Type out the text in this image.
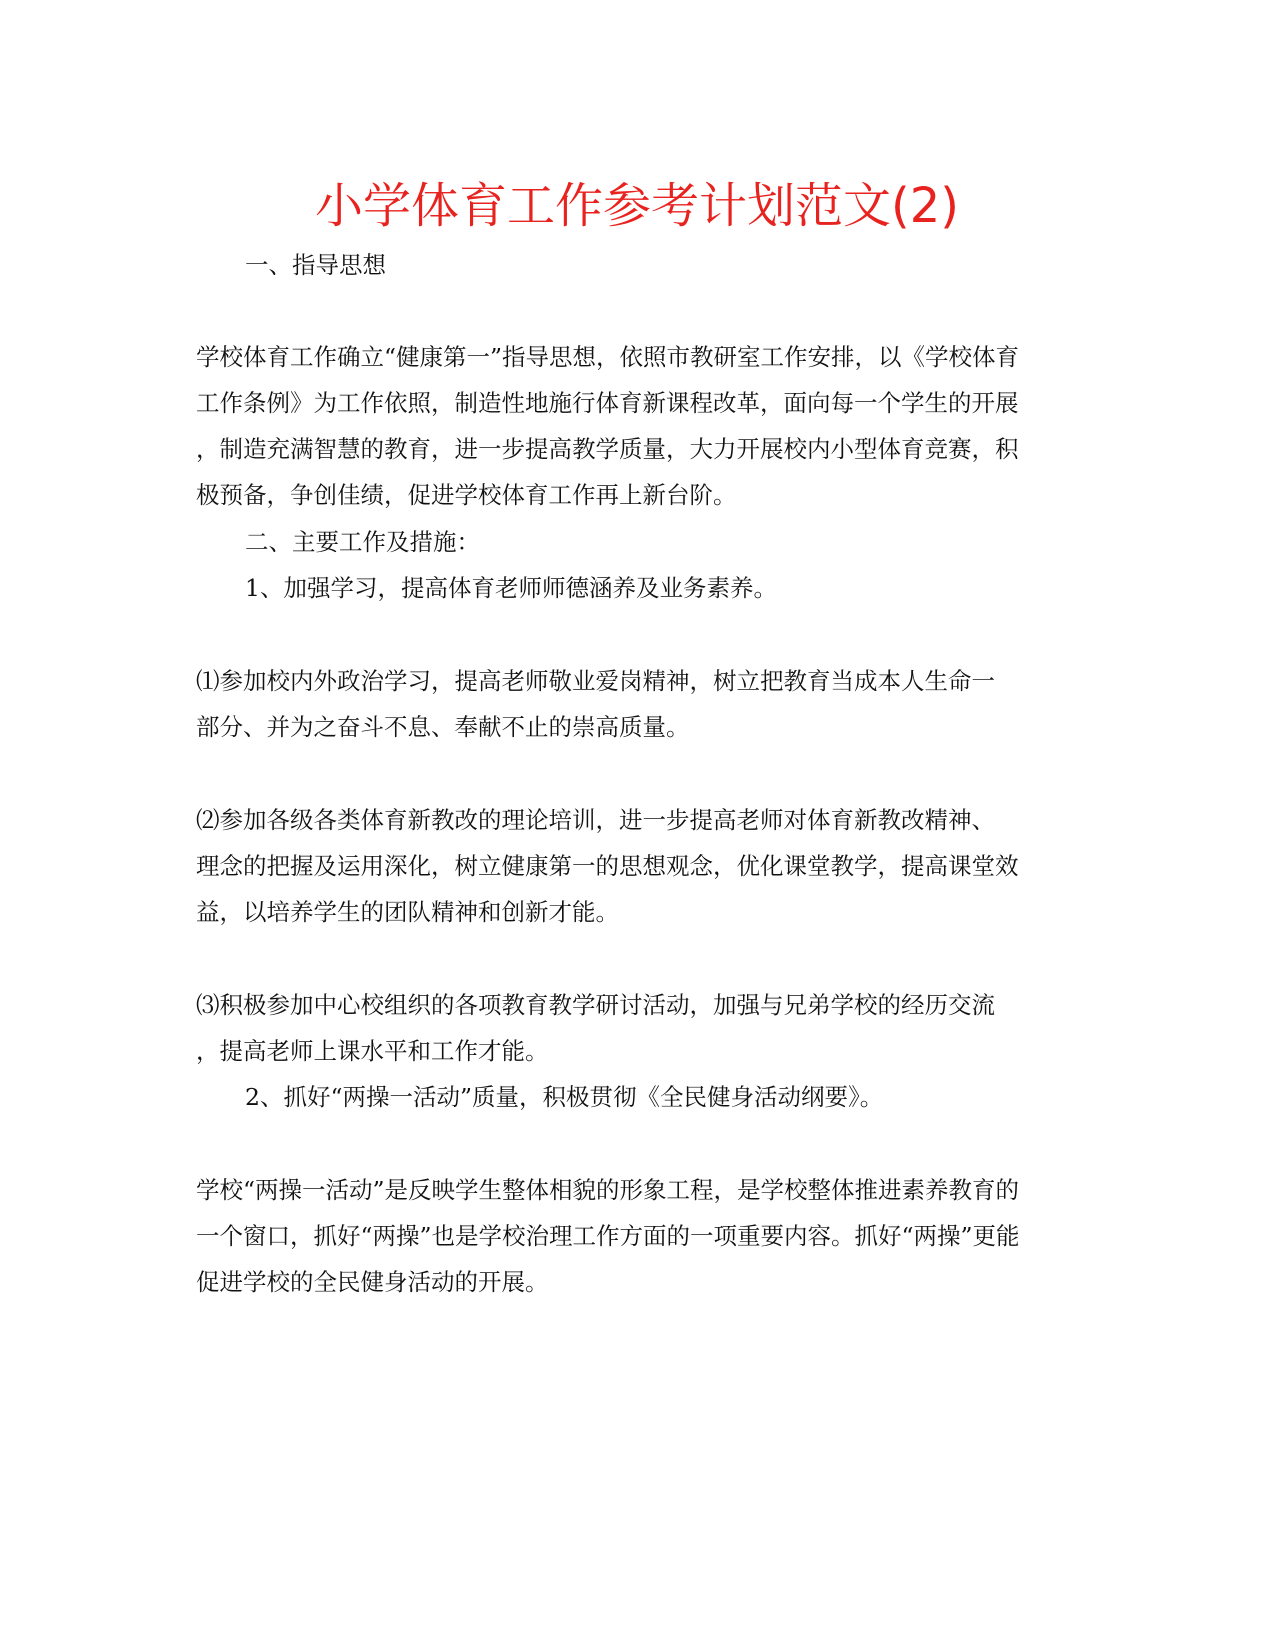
小学体育工作参考计划范文(2)
一、指导思想
学校体育工作确立“健康第一”指导思想，依照市教研室工作安排，以《学校体育
工作条例》为工作依照，制造性地施行体育新课程改革，面向每一个学生的开展
，制造充满智慧的教育，进一步提高教学质量，大力开展校内小型体育竞赛，积
极预备，争创佳绩，促进学校体育工作再上新台阶。
二、主要工作及措施：
1、加强学习，提高体育老师师德涵养及业务素养。
⑴参加校内外政治学习，提高老师敬业爱岗精神，树立把教育当成本人生命一
部分、并为之奋斗不息、奉献不止的崇高质量。
⑵参加各级各类体育新教改的理论培训，进一步提高老师对体育新教改精神、
理念的把握及运用深化，树立健康第一的思想观念，优化课堂教学，提高课堂效
益，以培养学生的团队精神和创新才能。
⑶积极参加中心校组织的各项教育教学研讨活动，加强与兄弟学校的经历交流
，提高老师上课水平和工作才能。
2、抓好“两操一活动”质量，积极贯彻《全民健身活动纲要》。
学校“两操一活动”是反映学生整体相貌的形象工程，是学校整体推进素养教育的
一个窗口，抓好“两操”也是学校治理工作方面的一项重要内容。抓好“两操”更能
促进学校的全民健身活动的开展。
